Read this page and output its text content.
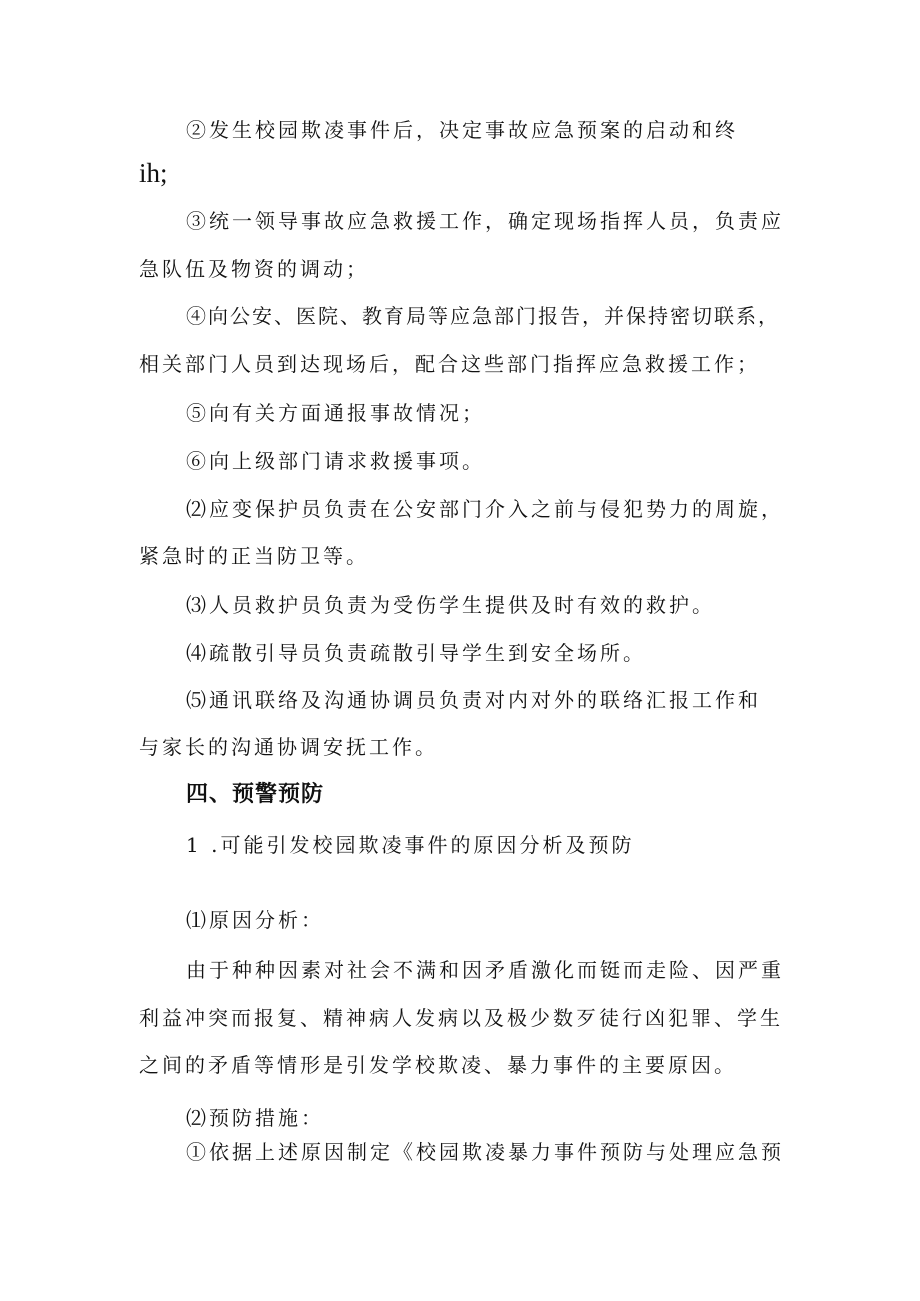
②发生校园欺凌事件后，决定事故应急预案的启动和终

ih;

③统一领导事故应急救援工作，确定现场指挥人员，负责应

急队伍及物资的调动；

④向公安、医院、教育局等应急部门报告，并保持密切联系，

相关部门人员到达现场后，配合这些部门指挥应急救援工作；

⑤向有关方面通报事故情况；

⑥向上级部门请求救援事项。

⑵应变保护员负责在公安部门介入之前与侵犯势力的周旋，

紧急时的正当防卫等。

⑶人员救护员负责为受伤学生提供及时有效的救护。

⑷疏散引导员负责疏散引导学生到安全场所。

⑸通讯联络及沟通协调员负责对内对外的联络汇报工作和

与家长的沟通协调安抚工作。

四、预警预防

1 .可能引发校园欺凌事件的原因分析及预防

⑴原因分析：

由于种种因素对社会不满和因矛盾激化而铤而走险、因严重

利益冲突而报复、精神病人发病以及极少数歹徒行凶犯罪、学生

之间的矛盾等情形是引发学校欺凌、暴力事件的主要原因。

⑵预防措施：

①依据上述原因制定《校园欺凌暴力事件预防与处理应急预
